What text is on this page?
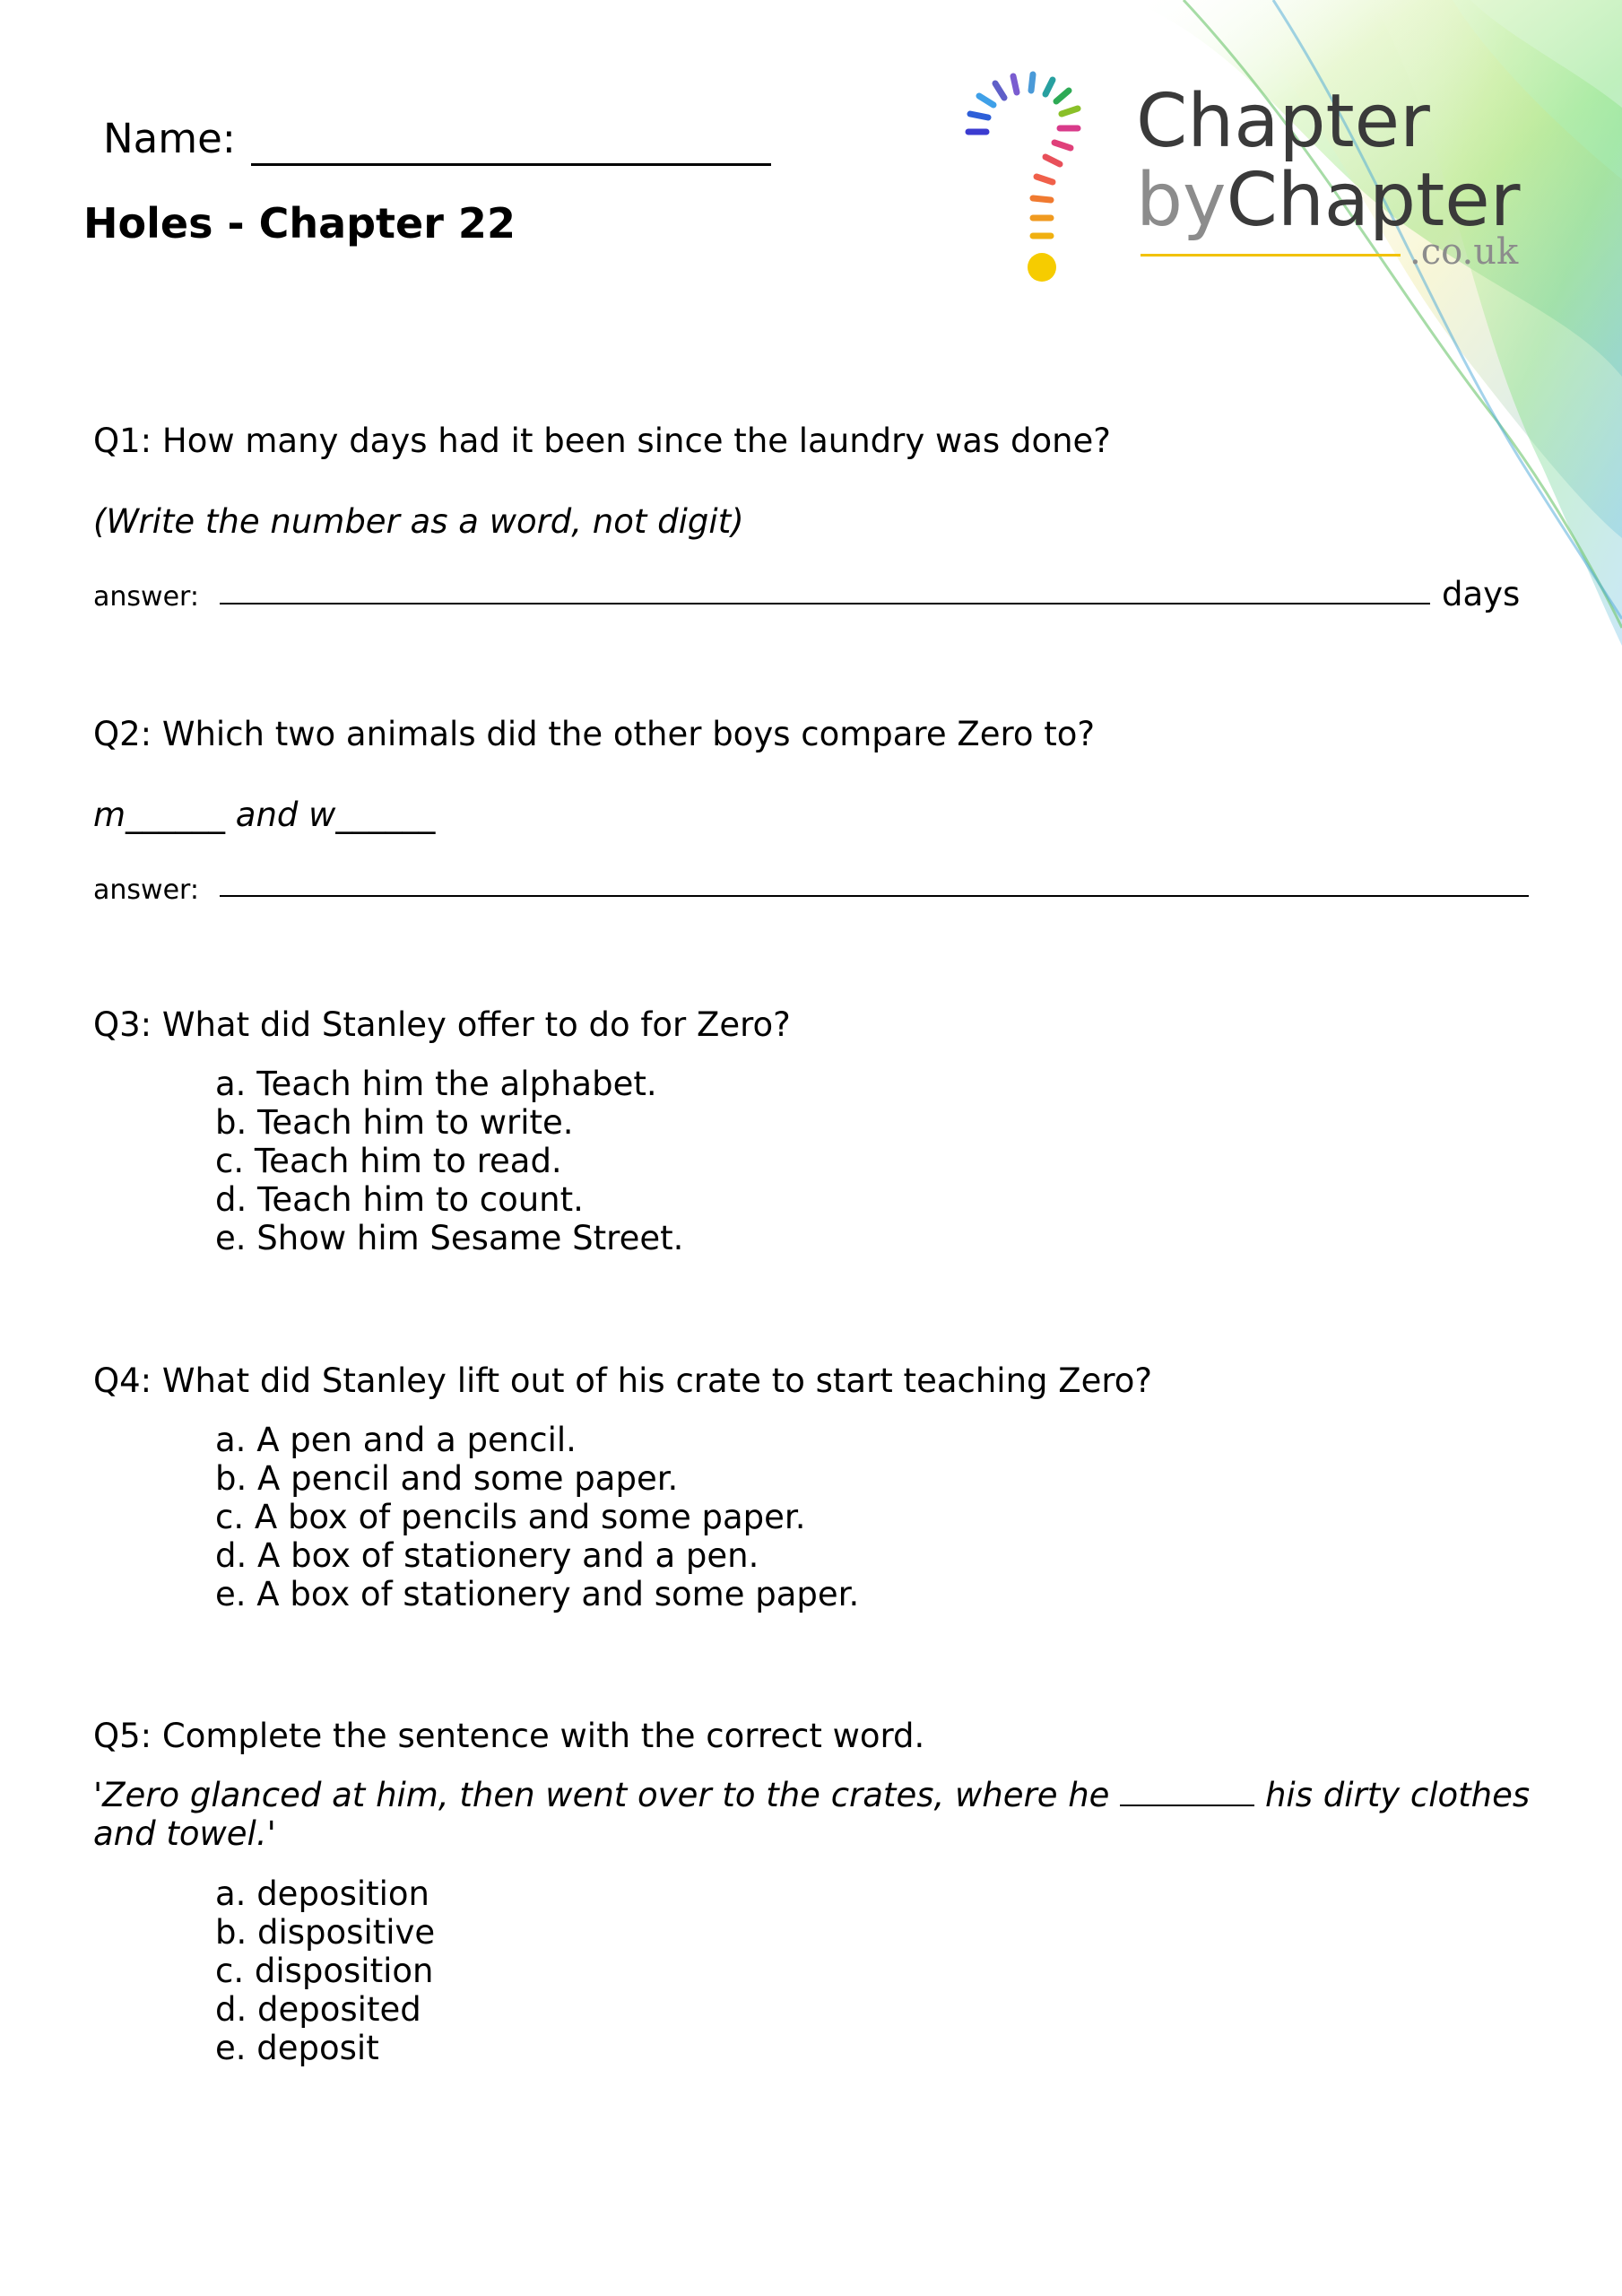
Name:
Holes - Chapter 22
Chapter
byChapter
.co.uk
Q1: How many days had it been since the laundry was done?
(Write the number as a word, not digit)
answer:	days
Q2: Which two animals did the other boys compare Zero to?
m______ and w______
answer:
Q3: What did Stanley offer to do for Zero?
a. Teach him the alphabet.
b. Teach him to write.
c. Teach him to read.
d. Teach him to count.
e. Show him Sesame Street.
Q4: What did Stanley lift out of his crate to start teaching Zero?
a. A pen and a pencil.
b. A pencil and some paper.
c. A box of pencils and some paper.
d. A box of stationery and a pen.
e. A box of stationery and some paper.
Q5: Complete the sentence with the correct word.
'Zero glanced at him, then went over to the crates, where he	his dirty clothes and towel.'
a. deposition
b. dispositive
c. disposition
d. deposited
e. deposit
